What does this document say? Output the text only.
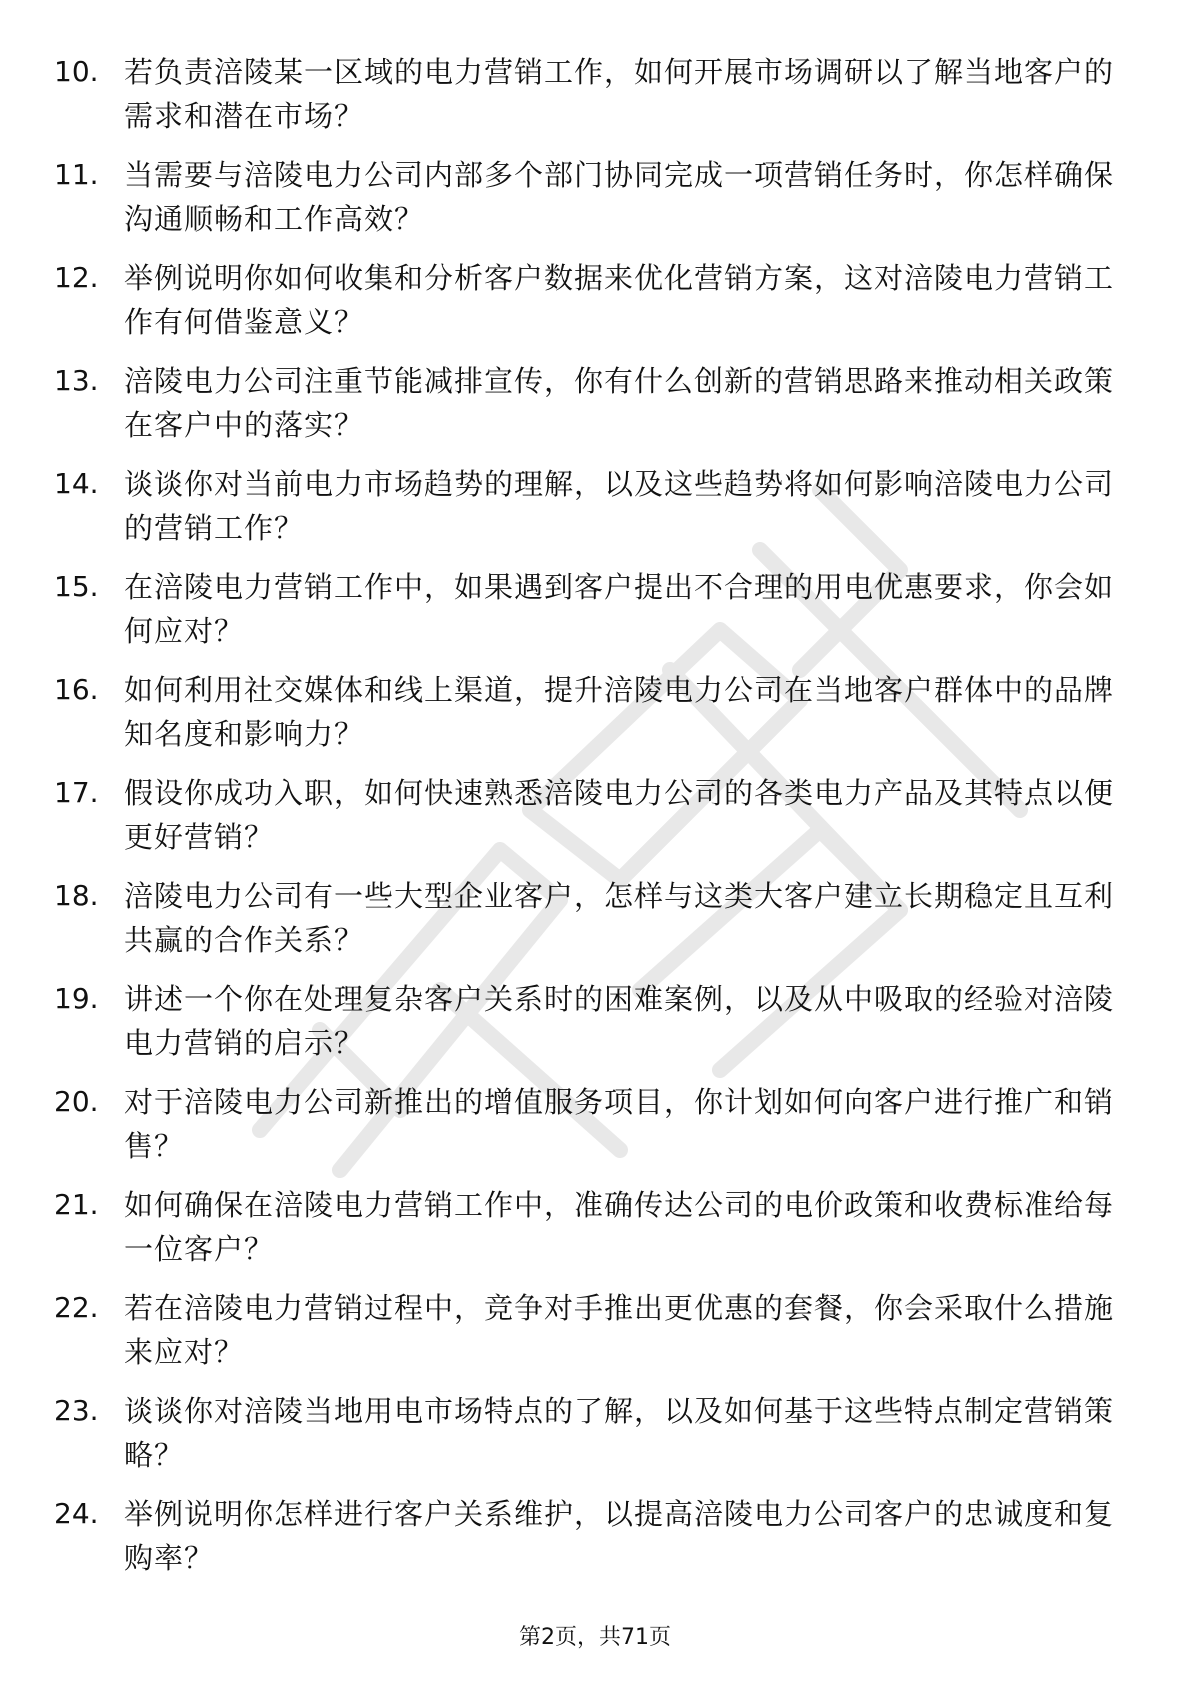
10. 若负责涪陵某一区域的电力营销工作，如何开展市场调研以了解当地客户的需求和潜在市场？
11. 当需要与涪陵电力公司内部多个部门协同完成一项营销任务时，你怎样确保沟通顺畅和工作高效？
12. 举例说明你如何收集和分析客户数据来优化营销方案，这对涪陵电力营销工作有何借鉴意义？
13. 涪陵电力公司注重节能减排宣传，你有什么创新的营销思路来推动相关政策在客户中的落实？
14. 谈谈你对当前电力市场趋势的理解，以及这些趋势将如何影响涪陵电力公司的营销工作？
15. 在涪陵电力营销工作中，如果遇到客户提出不合理的用电优惠要求，你会如何应对？
16. 如何利用社交媒体和线上渠道，提升涪陵电力公司在当地客户群体中的品牌知名度和影响力？
17. 假设你成功入职，如何快速熟悉涪陵电力公司的各类电力产品及其特点以便更好营销？
18. 涪陵电力公司有一些大型企业客户，怎样与这类大客户建立长期稳定且互利共赢的合作关系？
19. 讲述一个你在处理复杂客户关系时的困难案例，以及从中吸取的经验对涪陵电力营销的启示？
20. 对于涪陵电力公司新推出的增值服务项目，你计划如何向客户进行推广和销售？
21. 如何确保在涪陵电力营销工作中，准确传达公司的电价政策和收费标准给每一位客户？
22. 若在涪陵电力营销过程中，竞争对手推出更优惠的套餐，你会采取什么措施来应对？
23. 谈谈你对涪陵当地用电市场特点的了解，以及如何基于这些特点制定营销策略？
24. 举例说明你怎样进行客户关系维护，以提高涪陵电力公司客户的忠诚度和复购率？
第2页，共71页
